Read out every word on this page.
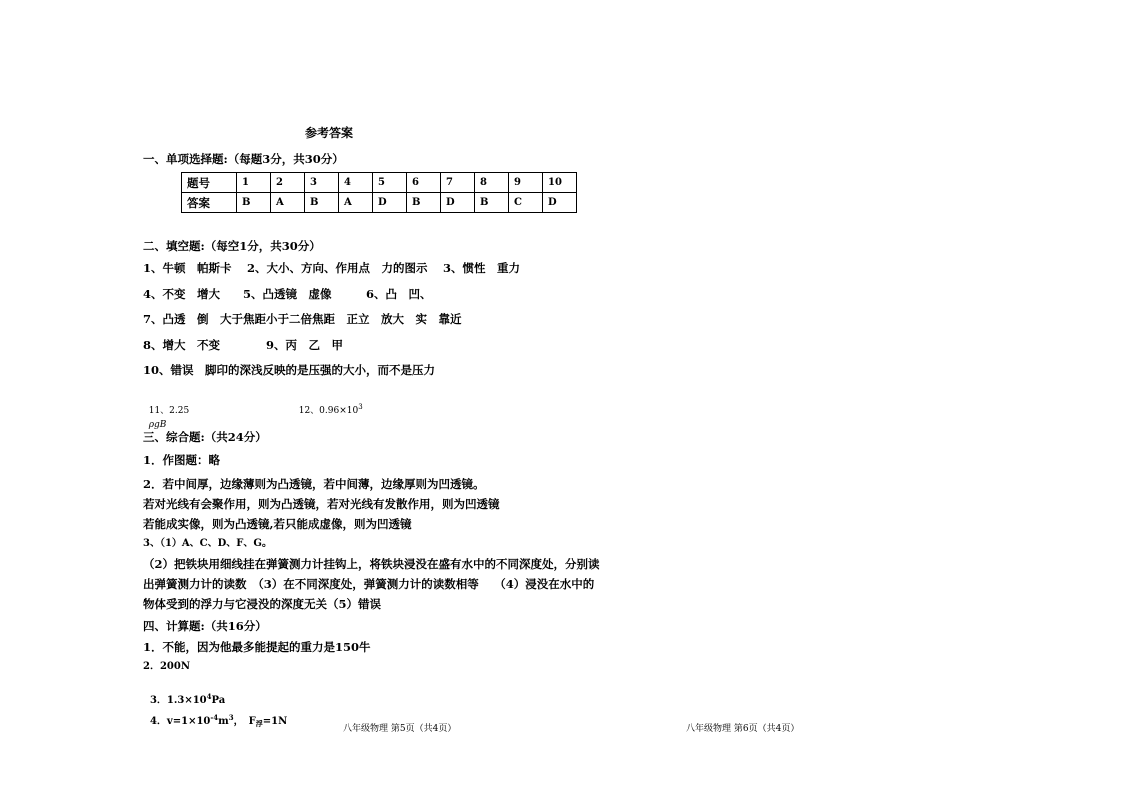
参考答案
一、单项选择题:（每题3分，共30分）
题号	1	2	3	4	5	6	7	8	9	10
答案	B	A	B	A	D	B	D	B	C	D
二、填空题:（每空1分，共30分）
1、牛顿　帕斯卡　 2、大小、方向、作用点　力的图示　 3、惯性　重力
4、不变　增大　　5、凸透镜　虚像　　　6、凸　凹、
7、凸透　倒　大于焦距小于二倍焦距　正立　放大　实　靠近
8、增大　不变　　　　9、丙　乙　甲
10、错误　脚印的深浅反映的是压强的大小，而不是压力

11、2.25
ρgB

12、$0.96\times 10^3$

三、综合题:（共24分）
1．作图题：略
2．若中间厚，边缘薄则为凸透镜，若中间薄，边缘厚则为凹透镜。
若对光线有会聚作用，则为凸透镜，若对光线有发散作用，则为凹透镜
若能成实像，则为凸透镜,若只能成虚像，则为凹透镜
3、（1）A、C、D、F、G。
（2）把铁块用细线挂在弹簧测力计挂钩上，将铁块浸没在盛有水中的不同深度处，分别读
出弹簧测力计的读数　（3）在不同深度处，弹簧测力计的读数相等　 （4）浸没在水中的
物体受到的浮力与它浸没的深度无关（5）错误
四、计算题:（共16分）
1．不能，因为他最多能提起的重力是150牛
2．200N

3．$1.3\times 10^4Pa$

4．$v=1\times 10^{-4}m^3$，　$F_浮=1N$

八年级物理 第5页（共4页）	八年级物理 第6页（共4页）
